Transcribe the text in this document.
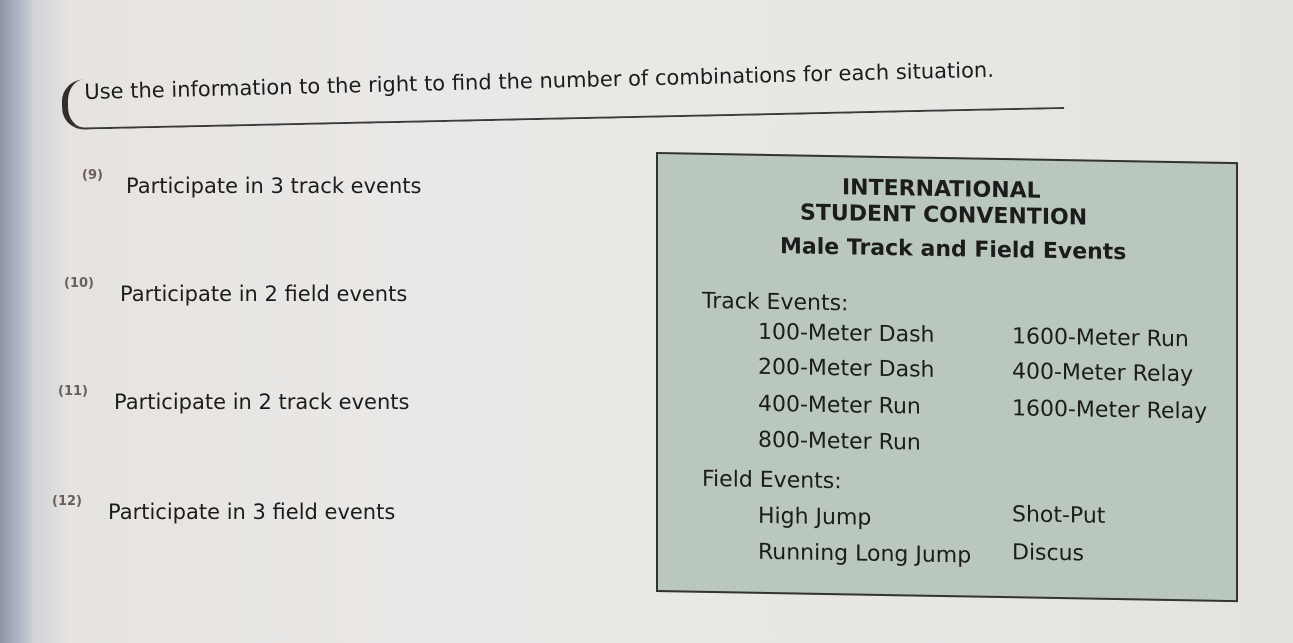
Use the information to the right to find the number of combinations for each situation.
(9) Participate in 3 track events
(10) Participate in 2 field events
(11) Participate in 2 track events
(12) Participate in 3 field events
INTERNATIONAL
STUDENT CONVENTION
Male Track and Field Events
Track Events:
100-Meter Dash
200-Meter Dash
400-Meter Run
800-Meter Run
1600-Meter Run
400-Meter Relay
1600-Meter Relay
Field Events:
High Jump
Running Long Jump
Shot-Put
Discus
